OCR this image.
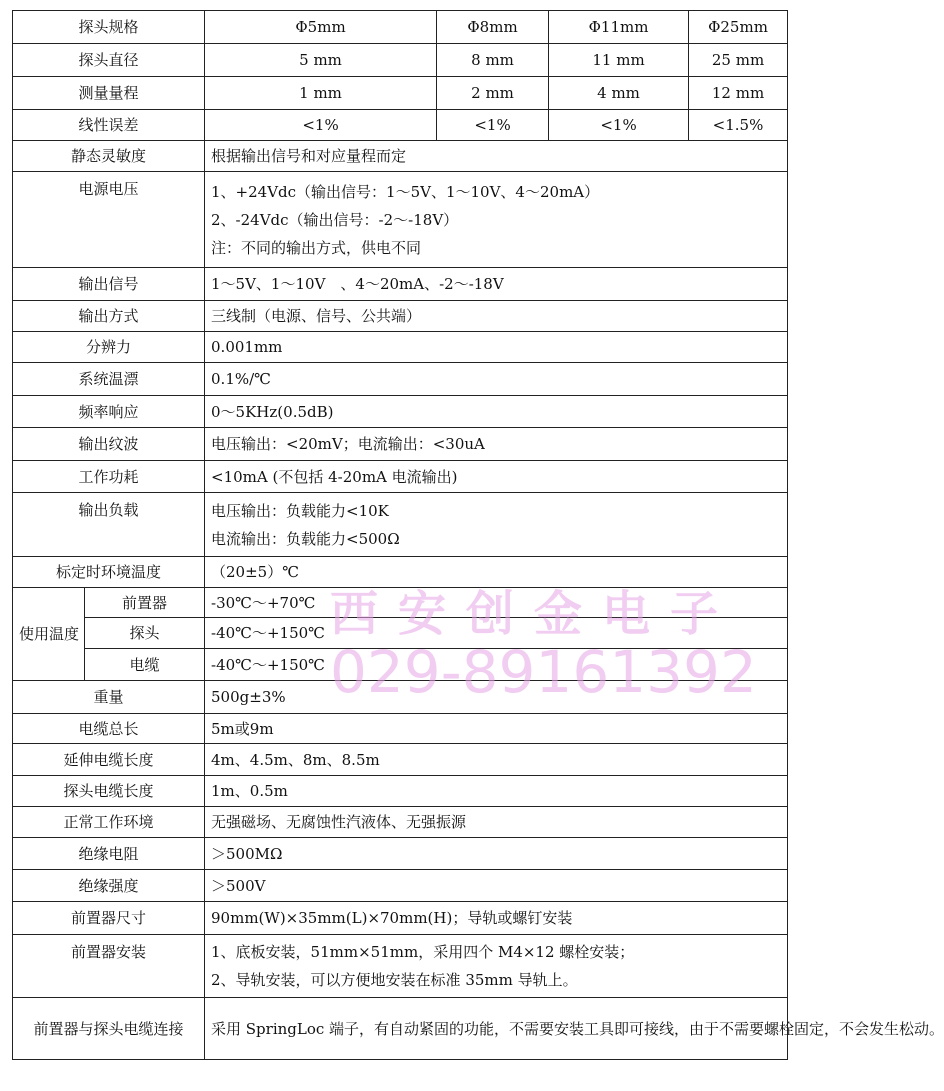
探头规格		Φ5mm	Φ8mm	Φ11mm	Φ25mm
探头直径		5 mm	8 mm	11 mm	25 mm
测量量程		1 mm	2 mm	4 mm	12 mm
线性误差		<1%	<1%	<1%	<1.5%
静态灵敏度		根据输出信号和对应量程而定			
电源电压		1、+24Vdc（输出信号：1～5V、1～10V、4～20mA）
2、-24Vdc（输出信号：-2～-18V）
注：不同的输出方式，供电不同			

输出信号		1～5V、1～10V　、4～20mA、-2～-18V			
输出方式		三线制（电源、信号、公共端）			
分辨力		0.001mm			
系统温漂		0.1%/℃			
频率响应		0～5KHz(0.5dB)			
输出纹波		电压输出：<20mV；电流输出：<30uA			
工作功耗		<10mA (不包括 4-20mA 电流输出)			
输出负载		电压输出：负载能力<10K
电流输出：负载能力<500Ω			

标定时环境温度		（20±5）℃			
使用温度	前置器	-30℃～+70℃			
	探头	-40℃～+150℃			
	电缆	-40℃～+150℃			
重量		500g±3%			
电缆总长		5m或9m			
延伸电缆长度		4m、4.5m、8m、8.5m			
探头电缆长度		1m、0.5m			
正常工作环境		无强磁场、无腐蚀性汽液体、无强振源			
绝缘电阻		＞500MΩ			
绝缘强度		＞500V			
前置器尺寸		90mm(W)×35mm(L)×70mm(H)；导轨或螺钉安装			
前置器安装		1、底板安装，51mm×51mm，采用四个 M4×12 螺栓安装；
2、导轨安装，可以方便地安装在标准 35mm 导轨上。			

前置器与探头电缆连接		采用 SpringLoc 端子，有自动紧固的功能，不需要安装工具即可接线，由于不需要螺栓固定，不会发生松动。			
西安创金电子
029-89161392
